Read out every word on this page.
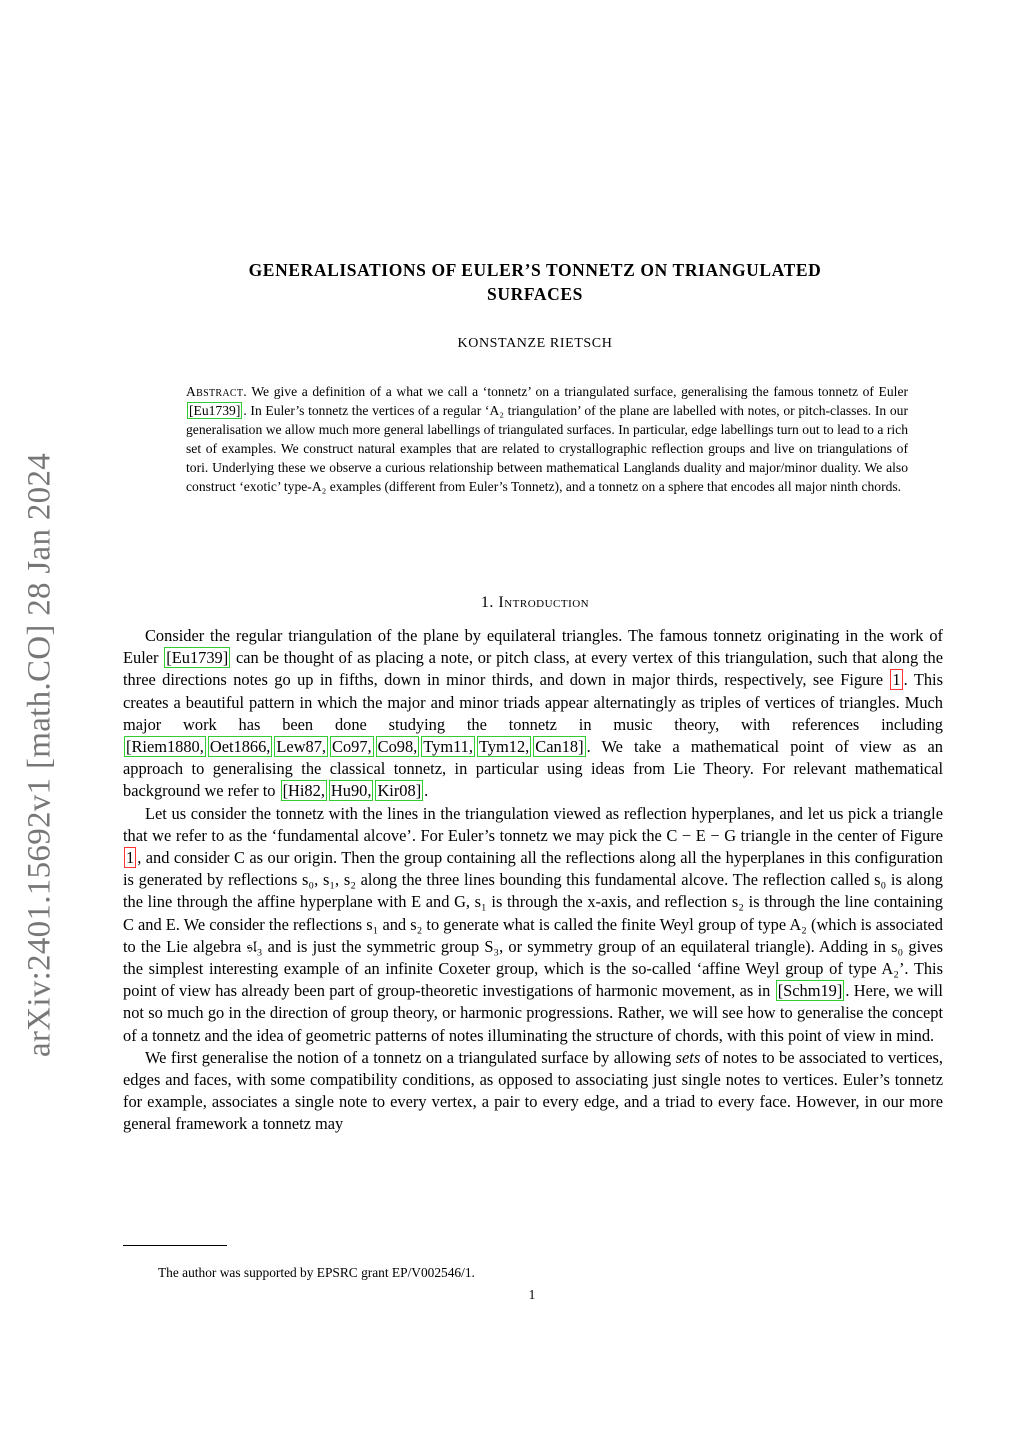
arXiv:2401.15692v1 [math.CO] 28 Jan 2024
GENERALISATIONS OF EULER’S TONNETZ ON TRIANGULATED
SURFACES
KONSTANZE RIETSCH
Abstract. We give a definition of a what we call a ‘tonnetz’ on a triangulated surface, generalising the famous tonnetz of Euler [Eu1739] . In Euler’s tonnetz the vertices of a regular ‘A₂ triangulation’ of the plane are labelled with notes, or pitch-classes. In our generalisation we allow much more general labellings of triangulated surfaces. In particular, edge labellings turn out to lead to a rich set of examples. We construct natural examples that are related to crystallographic reflection groups and live on triangulations of tori. Underlying these we observe a curious relationship between mathematical Langlands duality and major/minor duality. We also construct ‘exotic’ type-A₂ examples (different from Euler’s Tonnetz), and a tonnetz on a sphere that encodes all major ninth chords.
1. Introduction

Consider the regular triangulation of the plane by equilateral triangles. The famous tonnetz originating in the work of Euler [Eu1739] can be thought of as placing a note, or pitch class, at every vertex of this triangulation, such that along the three directions notes go up in fifths, down in minor thirds, and down in major thirds, respectively, see Figure 1 . This creates a beautiful pattern in which the major and minor triads appear alternatingly as triples of vertices of triangles. Much major work has been done studying the tonnetz in music theory, with references including [Riem1880, Oet1866, Lew87, Co97, Co98, Tym11, Tym12, Can18] . We take a mathematical point of view as an approach to generalising the classical tonnetz, in particular using ideas from Lie Theory. For relevant mathematical background we refer to [Hi82, Hu90, Kir08] .

Let us consider the tonnetz with the lines in the triangulation viewed as reflection hyperplanes, and let us pick a triangle that we refer to as the ‘fundamental alcove’. For Euler’s tonnetz we may pick the C − E − G triangle in the center of Figure 1 , and consider C as our origin. Then the group containing all the reflections along all the hyperplanes in this configuration is generated by reflections s₀, s₁, s₂ along the three lines bounding this fundamental alcove. The reflection called s₀ is along the line through the affine hyperplane with E and G, s₁ is through the x-axis, and reflection s₂ is through the line containing C and E. We consider the reflections s₁ and s₂ to generate what is called the finite Weyl group of type A₂ (which is associated to the Lie algebra 𝔰𝔩₃ and is just the symmetric group S₃, or symmetry group of an equilateral triangle). Adding in s₀ gives the simplest interesting example of an infinite Coxeter group, which is the so-called ‘affine Weyl group of type A₂’. This point of view has already been part of group-theoretic investigations of harmonic movement, as in [Schm19] . Here, we will not so much go in the direction of group theory, or harmonic progressions. Rather, we will see how to generalise the concept of a tonnetz and the idea of geometric patterns of notes illuminating the structure of chords, with this point of view in mind.

We first generalise the notion of a tonnetz on a triangulated surface by allowing sets of notes to be associated to vertices, edges and faces, with some compatibility conditions, as opposed to associating just single notes to vertices. Euler’s tonnetz for example, associates a single note to every vertex, a pair to every edge, and a triad to every face. However, in our more general framework a tonnetz may

The author was supported by EPSRC grant EP/V002546/1.
1
